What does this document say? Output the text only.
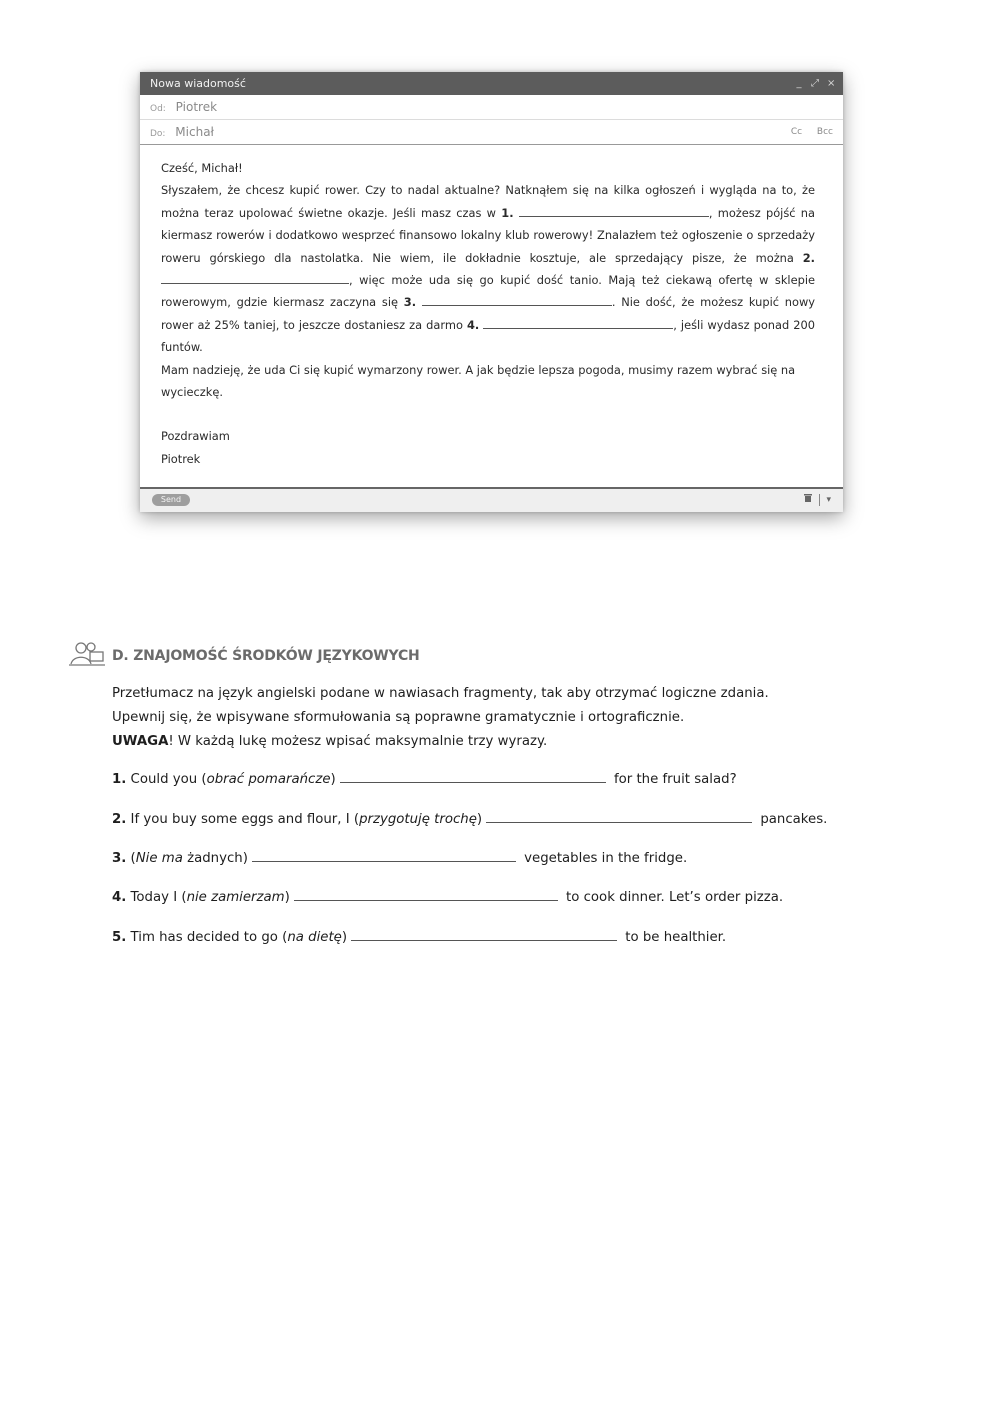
Nowa wiadomość	_ ⤢ ×
Od: Piotrek
Do: Michał	Cc Bcc

Cześć, Michał!

Słyszałem, że chcesz kupić rower. Czy to nadal aktualne? Natknąłem się na kilka ogłoszeń i wygląda na to, że można teraz upolować świetne okazje. Jeśli masz czas w 1.	, możesz pójść na kiermasz rowerów i dodatkowo wesprzeć finansowo lokalny klub rowerowy! Znalazłem też ogłoszenie o sprzedaży roweru górskiego dla nastolatka. Nie wiem, ile dokładnie kosztuje, ale sprzedający pisze, że można 2. , więc może uda się go kupić dość tanio. Mają też ciekawą ofertę w sklepie rowerowym, gdzie kiermasz zaczyna się 3.	. Nie dość, że możesz kupić nowy rower aż 25% taniej, to jeszcze dostaniesz za darmo 4.	, jeśli wydasz ponad 200 funtów.

Mam nadzieję, że uda Ci się kupić wymarzony rower. A jak będzie lepsza pogoda, musimy razem wybrać się na wycieczkę.

Pozdrawiam

Piotrek

Send	▾
D. ZNAJOMOŚĆ ŚRODKÓW JĘZYKOWYCH

Przetłumacz na język angielski podane w nawiasach fragmenty, tak aby otrzymać logiczne zdania.

Upewnij się, że wpisywane sformułowania są poprawne gramatycznie i ortograficznie.

UWAGA! W każdą lukę możesz wpisać maksymalnie trzy wyrazy.

1. Could you (obrać pomarańcze)	for the fruit salad?
2. If you buy some eggs and flour, I (przygotuję trochę)	pancakes.
3. (Nie ma żadnych)	vegetables in the fridge.
4. Today I (nie zamierzam)	to cook dinner. Let’s order pizza.
5. Tim has decided to go (na dietę)	to be healthier.
